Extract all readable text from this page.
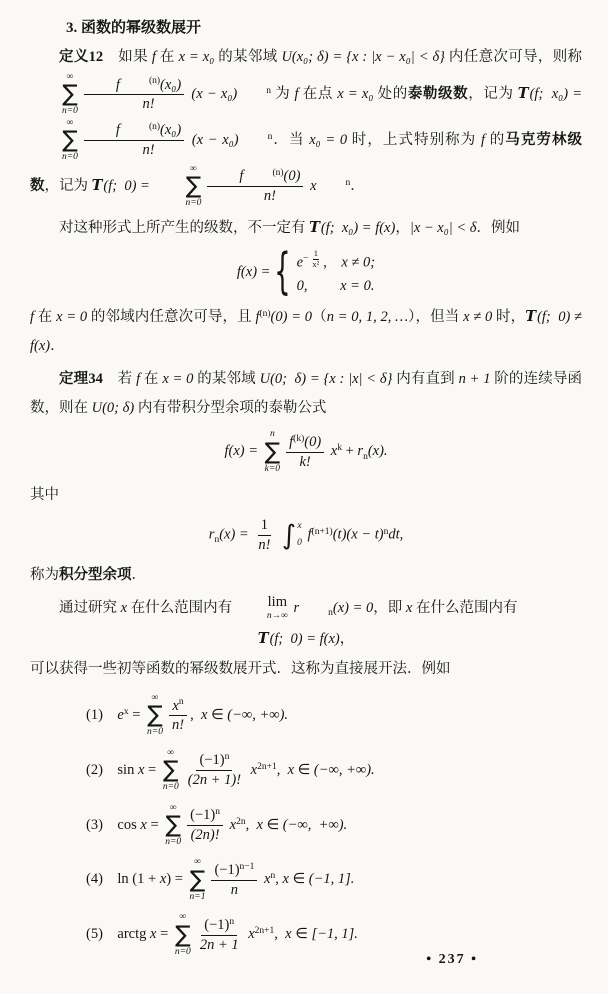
3. 函数的幂级数展开

定义12　如果 f 在 x = x₀ 的某邻域 U(x₀; δ) = {x : |x − x₀| < δ} 内任意次可导，则称
∞
∑
n=0 f	(n)(x₀)
n! (x − x₀)	n 为 f 在点 x = x₀ 处的泰勒级数，记为 T(f;  x₀) =
∞
∑
n=0 f	(n)(x₀)
n! (x − x₀)	n．当 x₀ = 0 时，上式特别称为 f 的马克劳林级数，记为 T(f;  0) =
∞
∑
n=0 f	(n)(0)
n! x	n．

对这种形式上所产生的级数，不一定有 T(f;  x₀) = f(x)，|x − x₀| < δ．例如

f(x) = { $e- \frac{1}{\text{x²}}$ ,　x ≠ 0;
0,　　 x = 0.

f 在 x = 0 的邻域内任意次可导，且 f(n)(0) = 0（n = 0, 1, 2, …），但当 x ≠ 0 时，T(f;  0) ≠ f(x)．

定理34　若 f 在 x = 0 的某邻域 U(0;  δ) = {x : |x| < δ} 内有直到 n + 1 阶的连续导函数，则在 U(0; δ) 内有带积分型余项的泰勒公式

f(x) =
n
∑
$k=0 \frac{f(k)(0)}{k!}$ xk + rn(x).

其中

$rn(x) = \frac{1}{n!}$
∫ x
0
f(n+1)(t)(x − t)ndt,

称为积分型余项．

通过研究 x 在什么范围内有	lim
n→∞ r	n(x) = 0，即 x 在什么范围内有

T(f;  0) = f(x)，

可以获得一些初等函数的幂级数展开式．这称为直接展开法．例如

(1)　ex =
∞
∑
$n=0 \frac{xn}{n!}$ ,  x ∈ (−∞, +∞).
(2)　sin x =
∞
∑
$n=0 \frac{(-1)n}{(2n + 1)!} x2n+1$,  x ∈ (−∞, +∞).
(3)　cos x =
∞
∑
$n=0 \frac{(-1)n}{(2n)!} x2n$,  x ∈ (−∞,  +∞).
(4)　ln (1 + x) =
∞
∑
$n=1 \frac{(-1)n-1}{n}$ xn, x ∈ (−1, 1].
(5)　arctg x =
∞
∑
$n=0 \frac{(-1)n}{2n + 1} x2n+1$,  x ∈ [−1, 1].
• 237 •
